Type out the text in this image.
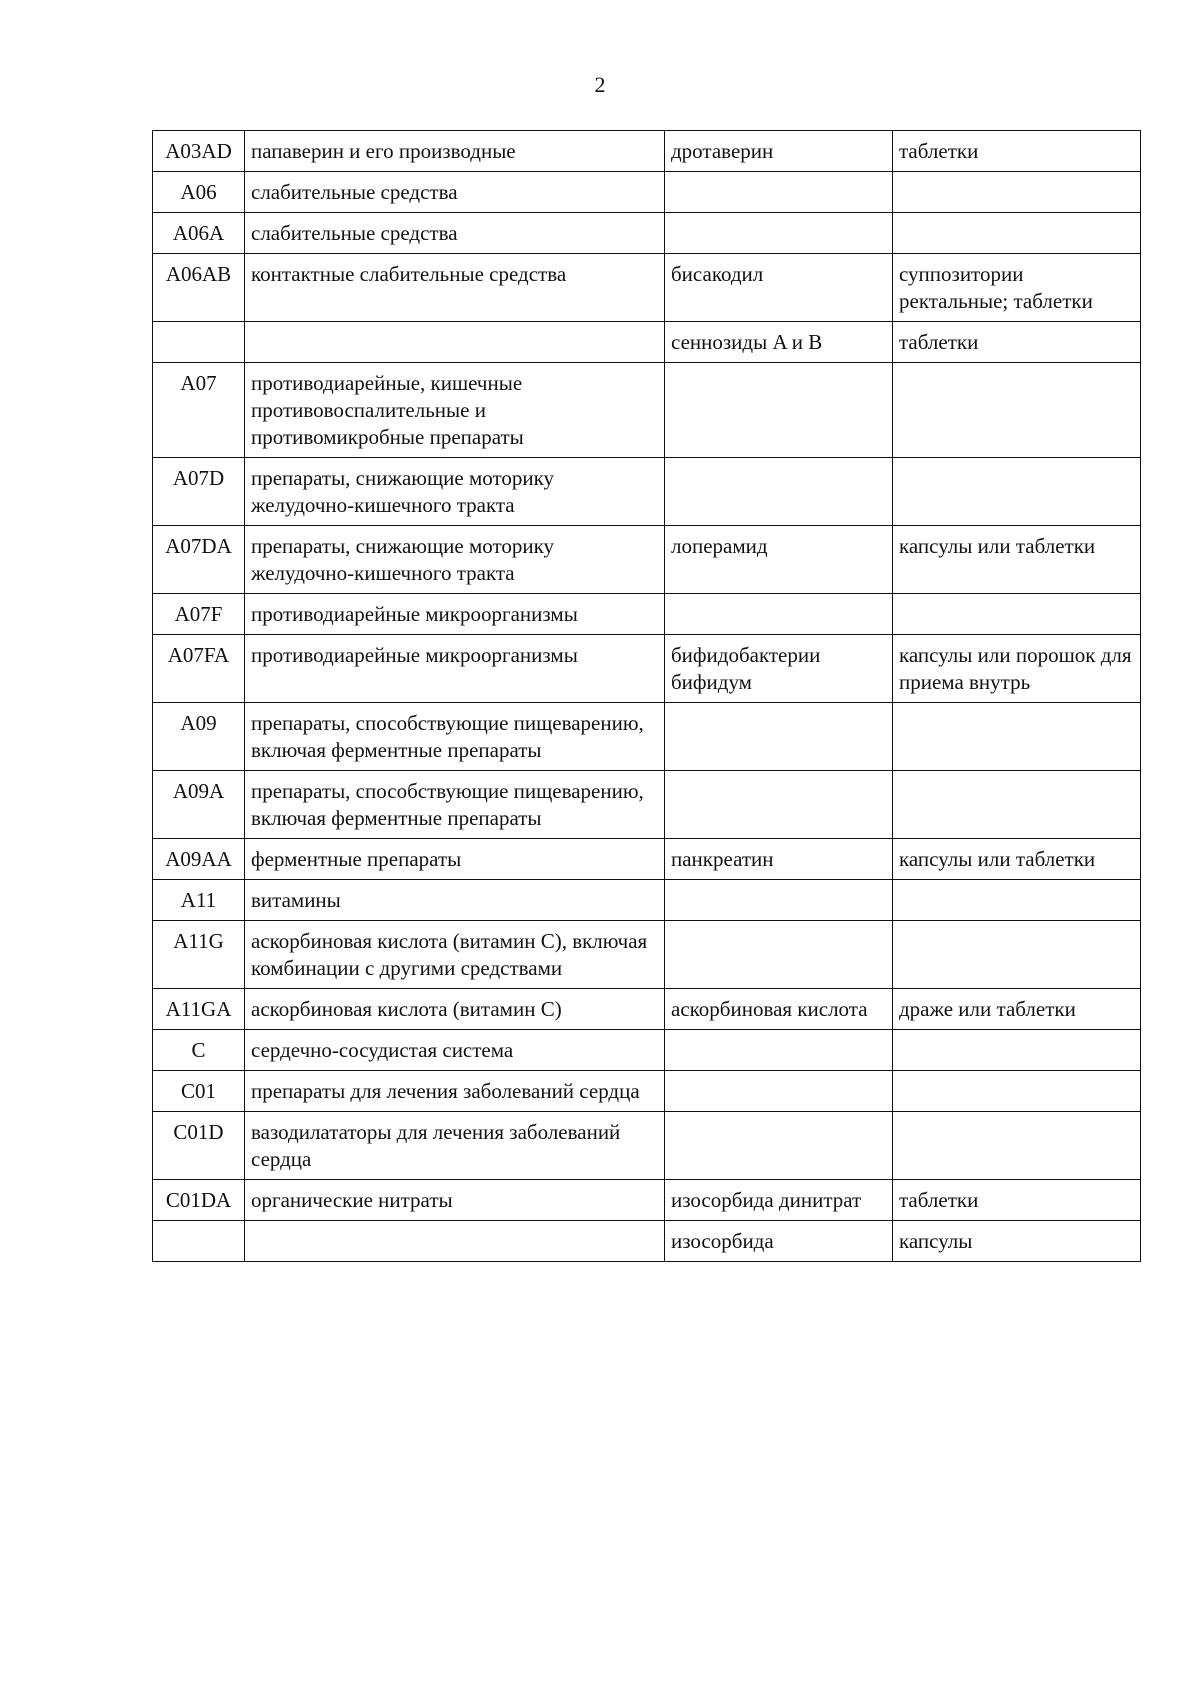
2
A03AD	папаверин и его производные	дротаверин	таблетки
A06	слабительные средства		
A06A	слабительные средства		
A06AB	контактные слабительные средства	бисакодил	суппозитории ректальные; таблетки
		сеннозиды A и B	таблетки
A07	противодиарейные, кишечные противовоспалительные и противомикробные препараты		
A07D	препараты, снижающие моторику желудочно-кишечного тракта		
A07DA	препараты, снижающие моторику желудочно-кишечного тракта	лоперамид	капсулы или таблетки
A07F	противодиарейные микроорганизмы		
A07FA	противодиарейные микроорганизмы	бифидобактерии бифидум	капсулы или порошок для приема внутрь
A09	препараты, способствующие пищеварению, включая ферментные препараты		
A09A	препараты, способствующие пищеварению, включая ферментные препараты		
A09AA	ферментные препараты	панкреатин	капсулы или таблетки
A11	витамины		
A11G	аскорбиновая кислота (витамин C), включая комбинации с другими средствами		
A11GA	аскорбиновая кислота (витамин C)	аскорбиновая кислота	драже или таблетки
C	сердечно-сосудистая система		
C01	препараты для лечения заболеваний сердца		
C01D	вазодилататоры для лечения заболеваний сердца		
C01DA	органические нитраты	изосорбида динитрат	таблетки
		изосорбида	капсулы
